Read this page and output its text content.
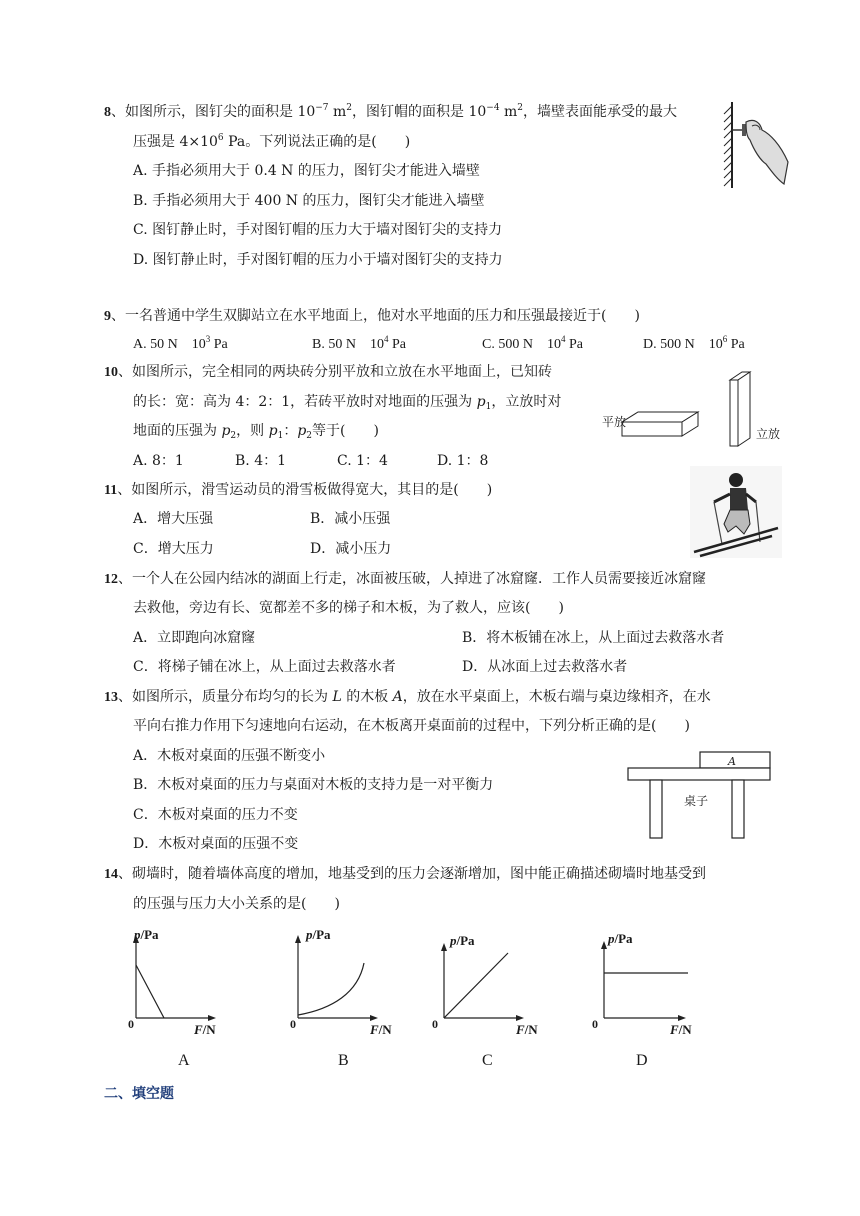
8、如图所示，图钉尖的面积是 $10^{-7}$ $m^2$，图钉帽的面积是 $10^{-4}$ $m^2$，墙壁表面能承受的最大
压强是 $4\times 10^6$ Pa。下列说法正确的是(　　)
A. 手指必须用大于 0.4 N 的压力，图钉尖才能进入墙壁
B. 手指必须用大于 400 N 的压力，图钉尖才能进入墙壁
C. 图钉静止时，手对图钉帽的压力大于墙对图钉尖的支持力
D. 图钉静止时，手对图钉帽的压力小于墙对图钉尖的支持力
9、一名普通中学生双脚站立在水平地面上，他对水平地面的压力和压强最接近于(　　)
A. 50 N　$10^3$ Pa	B. 50 N　$10^4$ Pa	C. 500 N　$10^4$ Pa	D. 500 N　$10^6$ Pa
10、如图所示，完全相同的两块砖分别平放和立放在水平地面上，已知砖
的长：宽：高为 4：2：1，若砖平放时对地面的压强为 $p_1$，立放时对
地面的压强为 $p_2$，则 $p_1$：$p_2$等于(　　)
A. 8：1	B. 4：1	C. 1：4	D. 1：8
平放
立放
11、如图所示，滑雪运动员的滑雪板做得宽大，其目的是(　　)
A．增大压强	B．减小压强
C．增大压力	D．减小压力
12、一个人在公园内结冰的湖面上行走，冰面被压破，人掉进了冰窟窿．工作人员需要接近冰窟窿
去救他，旁边有长、宽都差不多的梯子和木板，为了救人，应该(　　)
A．立即跑向冰窟窿	B．将木板铺在冰上，从上面过去救落水者
C．将梯子铺在冰上，从上面过去救落水者	D．从冰面上过去救落水者
13、如图所示，质量分布均匀的长为 L 的木板 A，放在水平桌面上，木板右端与桌边缘相齐，在水
平向右推力作用下匀速地向右运动，在木板离开桌面前的过程中，下列分析正确的是(　　)
A．木板对桌面的压强不断变小
B．木板对桌面的压力与桌面对木板的支持力是一对平衡力
C．木板对桌面的压力不变
D．木板对桌面的压强不变
A
桌子
14、砌墙时，随着墙体高度的增加，地基受到的压力会逐渐增加，图中能正确描述砌墙时地基受到
的压强与压力大小关系的是(　　)
p/Pa
0	F/N
A
p/Pa
0	F/N
B
p/Pa
0	F/N
C
p/Pa
0	F/N
D
二、填空题
